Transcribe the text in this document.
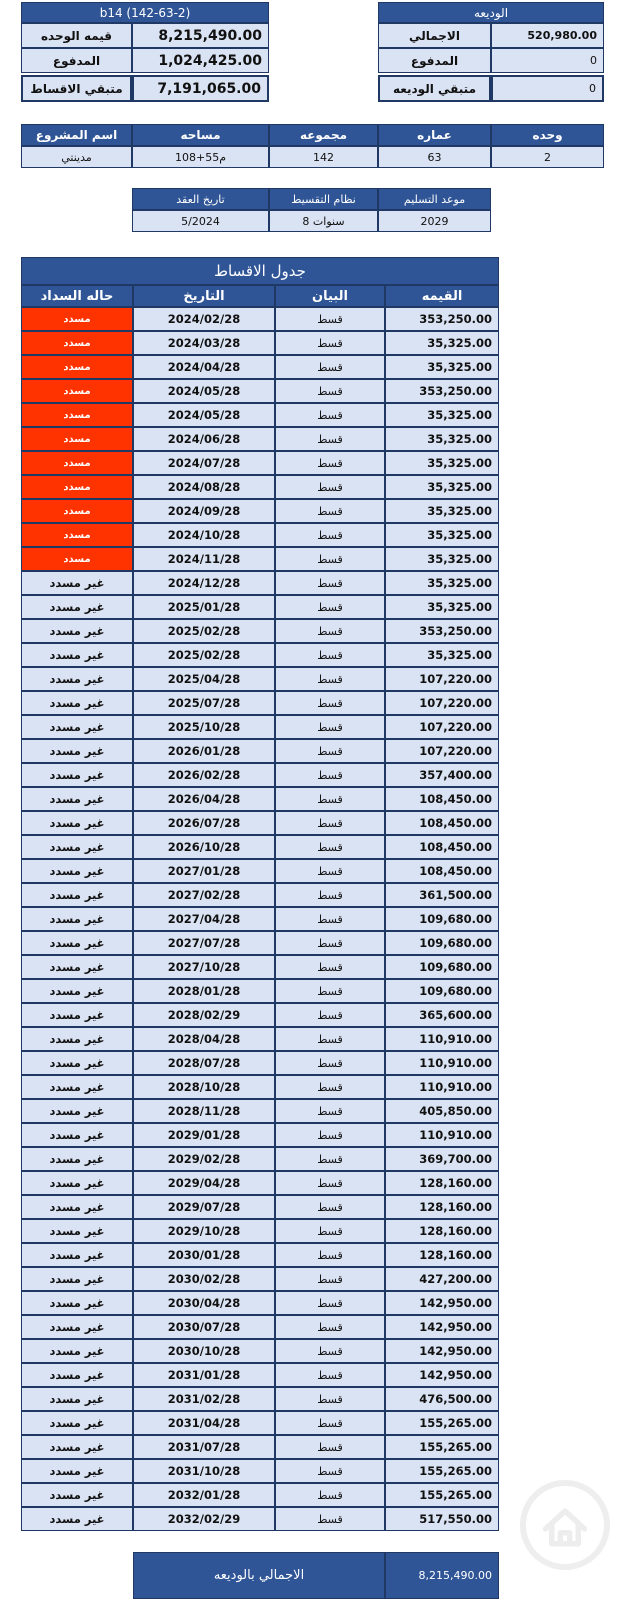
b14 (142-63-2)
8,215,490.00
قيمه الوحده
1,024,425.00
المدفوع
7,191,065.00
متبقي الاقساط
الوديعه
520,980.00
الاجمالي
0
المدفوع
0
متبقي الوديعه
وحده
عماره
مجموعه
مساحه
اسم المشروع
2
63
142
108+55م
مدينتي
موعد التسليم
نظام التقسيط
تاريخ العقد
2029
8 سنوات
5/2024
جدول الاقساط
القيمه
البيان
التاريخ
حاله السداد
353,250.00
قسط
2024/02/28
مسدد
35,325.00
قسط
2024/03/28
مسدد
35,325.00
قسط
2024/04/28
مسدد
353,250.00
قسط
2024/05/28
مسدد
35,325.00
قسط
2024/05/28
مسدد
35,325.00
قسط
2024/06/28
مسدد
35,325.00
قسط
2024/07/28
مسدد
35,325.00
قسط
2024/08/28
مسدد
35,325.00
قسط
2024/09/28
مسدد
35,325.00
قسط
2024/10/28
مسدد
35,325.00
قسط
2024/11/28
مسدد
35,325.00
قسط
2024/12/28
غير مسدد
35,325.00
قسط
2025/01/28
غير مسدد
353,250.00
قسط
2025/02/28
غير مسدد
35,325.00
قسط
2025/02/28
غير مسدد
107,220.00
قسط
2025/04/28
غير مسدد
107,220.00
قسط
2025/07/28
غير مسدد
107,220.00
قسط
2025/10/28
غير مسدد
107,220.00
قسط
2026/01/28
غير مسدد
357,400.00
قسط
2026/02/28
غير مسدد
108,450.00
قسط
2026/04/28
غير مسدد
108,450.00
قسط
2026/07/28
غير مسدد
108,450.00
قسط
2026/10/28
غير مسدد
108,450.00
قسط
2027/01/28
غير مسدد
361,500.00
قسط
2027/02/28
غير مسدد
109,680.00
قسط
2027/04/28
غير مسدد
109,680.00
قسط
2027/07/28
غير مسدد
109,680.00
قسط
2027/10/28
غير مسدد
109,680.00
قسط
2028/01/28
غير مسدد
365,600.00
قسط
2028/02/29
غير مسدد
110,910.00
قسط
2028/04/28
غير مسدد
110,910.00
قسط
2028/07/28
غير مسدد
110,910.00
قسط
2028/10/28
غير مسدد
405,850.00
قسط
2028/11/28
غير مسدد
110,910.00
قسط
2029/01/28
غير مسدد
369,700.00
قسط
2029/02/28
غير مسدد
128,160.00
قسط
2029/04/28
غير مسدد
128,160.00
قسط
2029/07/28
غير مسدد
128,160.00
قسط
2029/10/28
غير مسدد
128,160.00
قسط
2030/01/28
غير مسدد
427,200.00
قسط
2030/02/28
غير مسدد
142,950.00
قسط
2030/04/28
غير مسدد
142,950.00
قسط
2030/07/28
غير مسدد
142,950.00
قسط
2030/10/28
غير مسدد
142,950.00
قسط
2031/01/28
غير مسدد
476,500.00
قسط
2031/02/28
غير مسدد
155,265.00
قسط
2031/04/28
غير مسدد
155,265.00
قسط
2031/07/28
غير مسدد
155,265.00
قسط
2031/10/28
غير مسدد
155,265.00
قسط
2032/01/28
غير مسدد
517,550.00
قسط
2032/02/29
غير مسدد
الاجمالي بالوديعه	8,215,490.00
